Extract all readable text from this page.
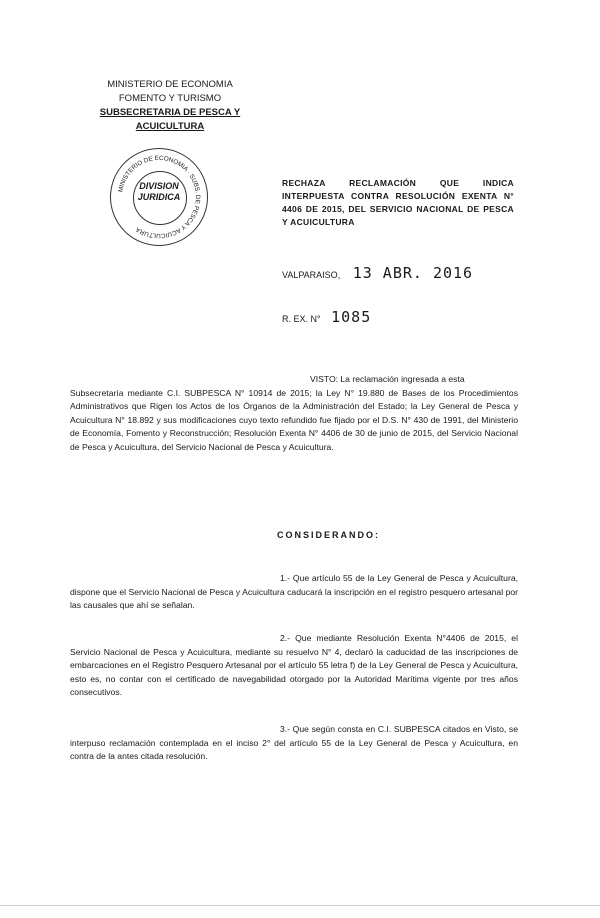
MINISTERIO DE ECONOMIA
FOMENTO Y TURISMO
SUBSECRETARIA DE PESCA Y ACUICULTURA
MINISTERIO DE ECONOMIA · SUBS. DE PESCA Y ACUICULTURA
DIVISION
JURIDICA
RECHAZA RECLAMACIÓN QUE INDICA INTERPUESTA CONTRA RESOLUCIÓN EXENTA N° 4406 DE 2015, DEL SERVICIO NACIONAL DE PESCA Y ACUICULTURA
VALPARAISO, 13 ABR. 2016
R. EX. N° 1085
VISTO: La reclamación ingresada a esta
Subsecretaría mediante C.I. SUBPESCA N° 10914 de 2015; la Ley N° 19.880 de Bases de los Procedimientos Administrativos que Rigen los Actos de los Órganos de la Administración del Estado; la Ley General de Pesca y Acuicultura N° 18.892 y sus modificaciones cuyo texto refundido fue fijado por el D.S. N° 430 de 1991, del Ministerio de Economía, Fomento y Reconstrucción; Resolución Exenta N° 4406 de 30 de junio de 2015, del Servicio Nacional de Pesca y Acuicultura, del Servicio Nacional de Pesca y Acuicultura.
CONSIDERANDO:
1.- Que artículo 55 de la Ley General de Pesca y Acuicultura, dispone que el Servicio Nacional de Pesca y Acuicultura caducará la inscripción en el registro pesquero artesanal por las causales que ahí se señalan.
2.- Que mediante Resolución Exenta N°4406 de 2015, el Servicio Nacional de Pesca y Acuicultura, mediante su resuelvo N° 4, declaró la caducidad de las inscripciones de embarcaciones en el Registro Pesquero Artesanal por el artículo 55 letra f) de la Ley General de Pesca y Acuicultura, esto es, no contar con el certificado de navegabilidad otorgado por la Autoridad Marítima vigente por tres años consecutivos.
3.- Que según consta en C.I. SUBPESCA citados en Visto, se interpuso reclamación contemplada en el inciso 2° del artículo 55 de la Ley General de Pesca y Acuicultura, en contra de la antes citada resolución.
